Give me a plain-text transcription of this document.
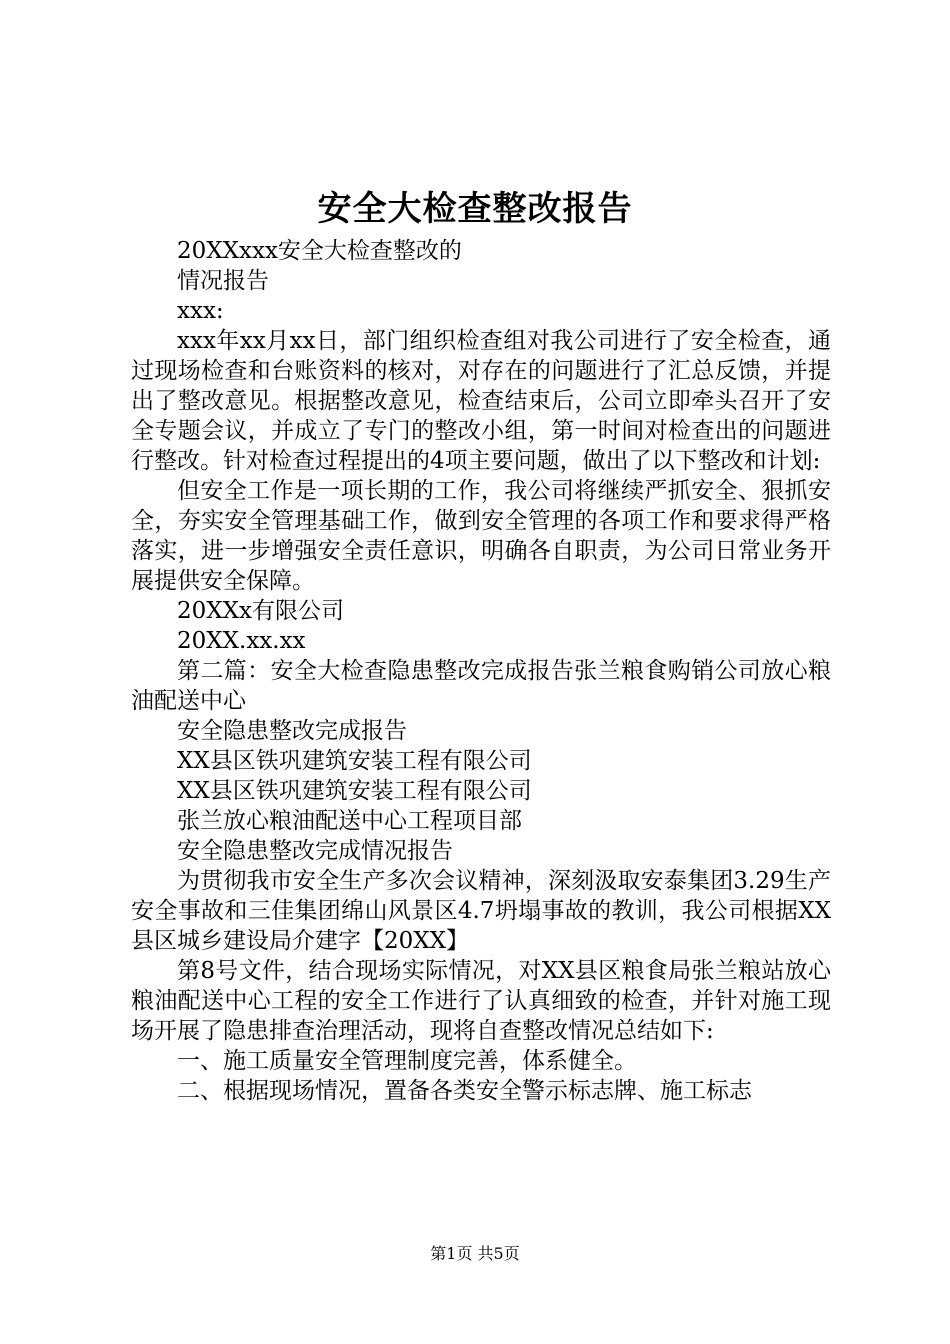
安全大检查整改报告

20XXxxx安全大检查整改的

情况报告

xxx:

xxx年xx月xx日，部门组织检查组对我公司进行了安全检查，通过现场检查和台账资料的核对，对存在的问题进行了汇总反馈，并提出了整改意见。根据整改意见，检查结束后，公司立即牵头召开了安全专题会议，并成立了专门的整改小组，第一时间对检查出的问题进行整改。针对检查过程提出的4项主要问题，做出了以下整改和计划:

但安全工作是一项长期的工作，我公司将继续严抓安全、狠抓安全，夯实安全管理基础工作，做到安全管理的各项工作和要求得严格落实，进一步增强安全责任意识，明确各自职责，为公司日常业务开展提供安全保障。

20XXx有限公司

20XX.xx.xx

第二篇：安全大检查隐患整改完成报告张兰粮食购销公司放心粮油配送中心

安全隐患整改完成报告

XX县区铁巩建筑安装工程有限公司

XX县区铁巩建筑安装工程有限公司

张兰放心粮油配送中心工程项目部

安全隐患整改完成情况报告

为贯彻我市安全生产多次会议精神，深刻汲取安泰集团3.29生产安全事故和三佳集团绵山风景区4.7坍塌事故的教训，我公司根据XX县区城乡建设局介建字【20XX】

第8号文件，结合现场实际情况，对XX县区粮食局张兰粮站放心粮油配送中心工程的安全工作进行了认真细致的检查，并针对施工现场开展了隐患排查治理活动，现将自查整改情况总结如下:

一、施工质量安全管理制度完善，体系健全。

二、根据现场情况，置备各类安全警示标志牌、施工标志

第1页 共5页
